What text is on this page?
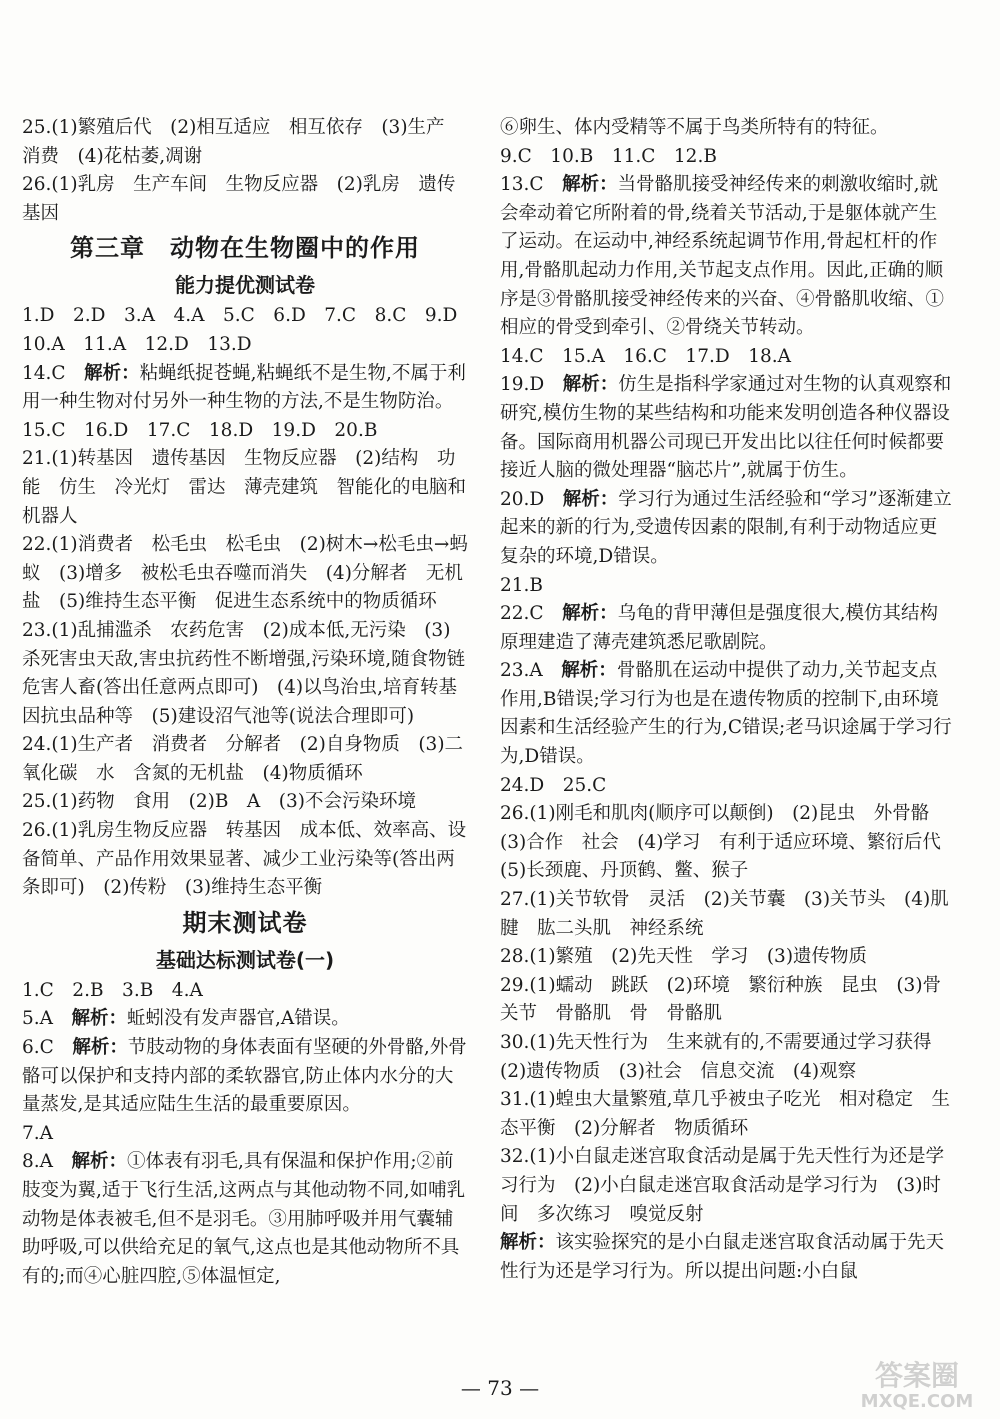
25.(1)繁殖后代　(2)相互适应　相互依存　(3)生产　消费　(4)花枯萎,凋谢

26.(1)乳房　生产车间　生物反应器　(2)乳房　遗传基因

第三章　动物在生物圈中的作用

能力提优测试卷

1.D　2.D　3.A　4.A　5.C　6.D　7.C　8.C　9.D

10.A　11.A　12.D　13.D

14.C　解析：粘蝇纸捉苍蝇,粘蝇纸不是生物,不属于利用一种生物对付另外一种生物的方法,不是生物防治。

15.C　16.D　17.C　18.D　19.D　20.B

21.(1)转基因　遗传基因　生物反应器　(2)结构　功能　仿生　冷光灯　雷达　薄壳建筑　智能化的电脑和机器人

22.(1)消费者　松毛虫　松毛虫　(2)树木→松毛虫→蚂蚁　(3)增多　被松毛虫吞噬而消失　(4)分解者　无机盐　(5)维持生态平衡　促进生态系统中的物质循环

23.(1)乱捕滥杀　农药危害　(2)成本低,无污染　(3)杀死害虫天敌,害虫抗药性不断增强,污染环境,随食物链危害人畜(答出任意两点即可)　(4)以鸟治虫,培育转基因抗虫品种等　(5)建设沼气池等(说法合理即可)

24.(1)生产者　消费者　分解者　(2)自身物质　(3)二氧化碳　水　含氮的无机盐　(4)物质循环

25.(1)药物　食用　(2)B　A　(3)不会污染环境

26.(1)乳房生物反应器　转基因　成本低、效率高、设备简单、产品作用效果显著、减少工业污染等(答出两条即可)　(2)传粉　(3)维持生态平衡

期末测试卷

基础达标测试卷(一)

1.C　2.B　3.B　4.A

5.A　解析：蚯蚓没有发声器官,A错误。

6.C　解析：节肢动物的身体表面有坚硬的外骨骼,外骨骼可以保护和支持内部的柔软器官,防止体内水分的大量蒸发,是其适应陆生生活的最重要原因。

7.A

8.A　解析：①体表有羽毛,具有保温和保护作用;②前肢变为翼,适于飞行生活,这两点与其他动物不同,如哺乳动物是体表被毛,但不是羽毛。③用肺呼吸并用气囊辅助呼吸,可以供给充足的氧气,这点也是其他动物所不具有的;而④心脏四腔,⑤体温恒定,

⑥卵生、体内受精等不属于鸟类所特有的特征。

9.C　10.B　11.C　12.B

13.C　解析：当骨骼肌接受神经传来的刺激收缩时,就会牵动着它所附着的骨,绕着关节活动,于是躯体就产生了运动。在运动中,神经系统起调节作用,骨起杠杆的作用,骨骼肌起动力作用,关节起支点作用。因此,正确的顺序是③骨骼肌接受神经传来的兴奋、④骨骼肌收缩、①相应的骨受到牵引、②骨绕关节转动。

14.C　15.A　16.C　17.D　18.A

19.D　解析：仿生是指科学家通过对生物的认真观察和研究,模仿生物的某些结构和功能来发明创造各种仪器设备。国际商用机器公司现已开发出比以往任何时候都要接近人脑的微处理器“脑芯片”,就属于仿生。

20.D　解析：学习行为通过生活经验和“学习”逐渐建立起来的新的行为,受遗传因素的限制,有利于动物适应更复杂的环境,D错误。

21.B

22.C　解析：乌龟的背甲薄但是强度很大,模仿其结构原理建造了薄壳建筑悉尼歌剧院。

23.A　解析：骨骼肌在运动中提供了动力,关节起支点作用,B错误;学习行为也是在遗传物质的控制下,由环境因素和生活经验产生的行为,C错误;老马识途属于学习行为,D错误。

24.D　25.C

26.(1)刚毛和肌肉(顺序可以颠倒)　(2)昆虫　外骨骼　(3)合作　社会　(4)学习　有利于适应环境、繁衍后代　(5)长颈鹿、丹顶鹤、鳖、猴子

27.(1)关节软骨　灵活　(2)关节囊　(3)关节头　(4)肌腱　肱二头肌　神经系统

28.(1)繁殖　(2)先天性　学习　(3)遗传物质

29.(1)蠕动　跳跃　(2)环境　繁衍种族　昆虫　(3)骨　关节　骨骼肌　骨　骨骼肌

30.(1)先天性行为　生来就有的,不需要通过学习获得　(2)遗传物质　(3)社会　信息交流　(4)观察

31.(1)蝗虫大量繁殖,草几乎被虫子吃光　相对稳定　生态平衡　(2)分解者　物质循环

32.(1)小白鼠走迷宫取食活动是属于先天性行为还是学习行为　(2)小白鼠走迷宫取食活动是学习行为　(3)时间　多次练习　嗅觉反射

解析：该实验探究的是小白鼠走迷宫取食活动属于先天性行为还是学习行为。所以提出问题:小白鼠

— 73 —	答案圈
MXQE.COM
